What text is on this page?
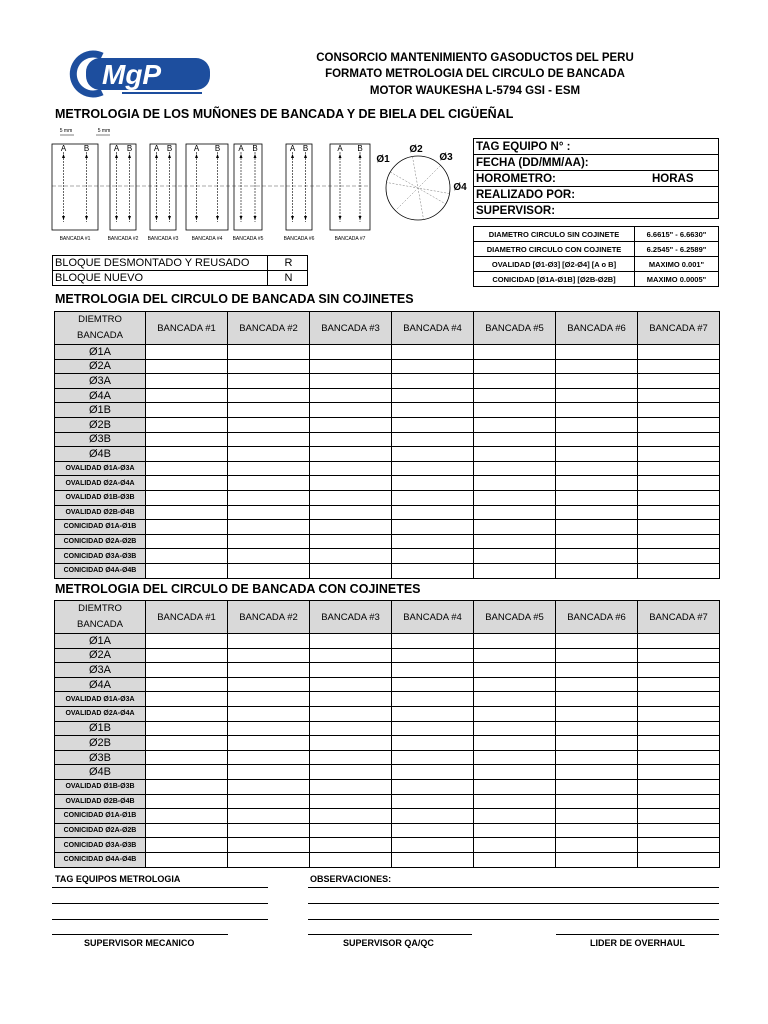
MgP
CONSORCIO MANTENIMIENTO GASODUCTOS DEL PERU
FORMATO METROLOGIA DEL CIRCULO DE BANCADA
MOTOR WAUKESHA L-5794 GSI - ESM
METROLOGIA DE LOS MUÑONES DE BANCADA Y DE BIELA DEL CIGÜEÑAL
5 mm	5 mm
A B
BANCADA #1
A B
BANCADA #2
A B
BANCADA #3
A B
BANCADA #4
A B
BANCADA #5
A B
BANCADA #6
A B
BANCADA #7
Ø1
Ø2
Ø3
Ø4
TAG EQUIPO N° :
FECHA (DD/MM/AA):
HOROMETRO:	HORAS

REALIZADO POR:
SUPERVISOR:
DIAMETRO CIRCULO SIN COJINETE	6.6615" - 6.6630"
DIAMETRO CIRCULO CON COJINETE	6.2545" - 6.2589"
OVALIDAD [Ø1-Ø3] [Ø2-Ø4] [A o B]	MAXIMO 0.001"
CONICIDAD [Ø1A-Ø1B] [Ø2B-Ø2B]	MAXIMO 0.0005"
BLOQUE DESMONTADO Y REUSADO	R
BLOQUE NUEVO	N
METROLOGIA DEL CIRCULO DE BANCADA SIN COJINETES
DIEMTRO
BANCADA	BANCADA #1	BANCADA #2	BANCADA #3	BANCADA #4	BANCADA #5	BANCADA #6	BANCADA #7
Ø1A							
Ø2A							
Ø3A							
Ø4A							
Ø1B							
Ø2B							
Ø3B							
Ø4B							
OVALIDAD Ø1A-Ø3A							
OVALIDAD Ø2A-Ø4A							
OVALIDAD Ø1B-Ø3B							
OVALIDAD Ø2B-Ø4B							
CONICIDAD Ø1A-Ø1B							
CONICIDAD Ø2A-Ø2B							
CONICIDAD Ø3A-Ø3B							
CONICIDAD Ø4A-Ø4B							
METROLOGIA DEL CIRCULO DE BANCADA CON COJINETES
DIEMTRO
BANCADA	BANCADA #1	BANCADA #2	BANCADA #3	BANCADA #4	BANCADA #5	BANCADA #6	BANCADA #7
Ø1A							
Ø2A							
Ø3A							
Ø4A							
OVALIDAD Ø1A-Ø3A							
OVALIDAD Ø2A-Ø4A							
Ø1B							
Ø2B							
Ø3B							
Ø4B							
OVALIDAD Ø1B-Ø3B							
OVALIDAD Ø2B-Ø4B							
CONICIDAD Ø1A-Ø1B							
CONICIDAD Ø2A-Ø2B							
CONICIDAD Ø3A-Ø3B							
CONICIDAD Ø4A-Ø4B							
TAG EQUIPOS METROLOGIA	OBSERVACIONES:
SUPERVISOR MECANICO	SUPERVISOR QA/QC	LIDER DE OVERHAUL
